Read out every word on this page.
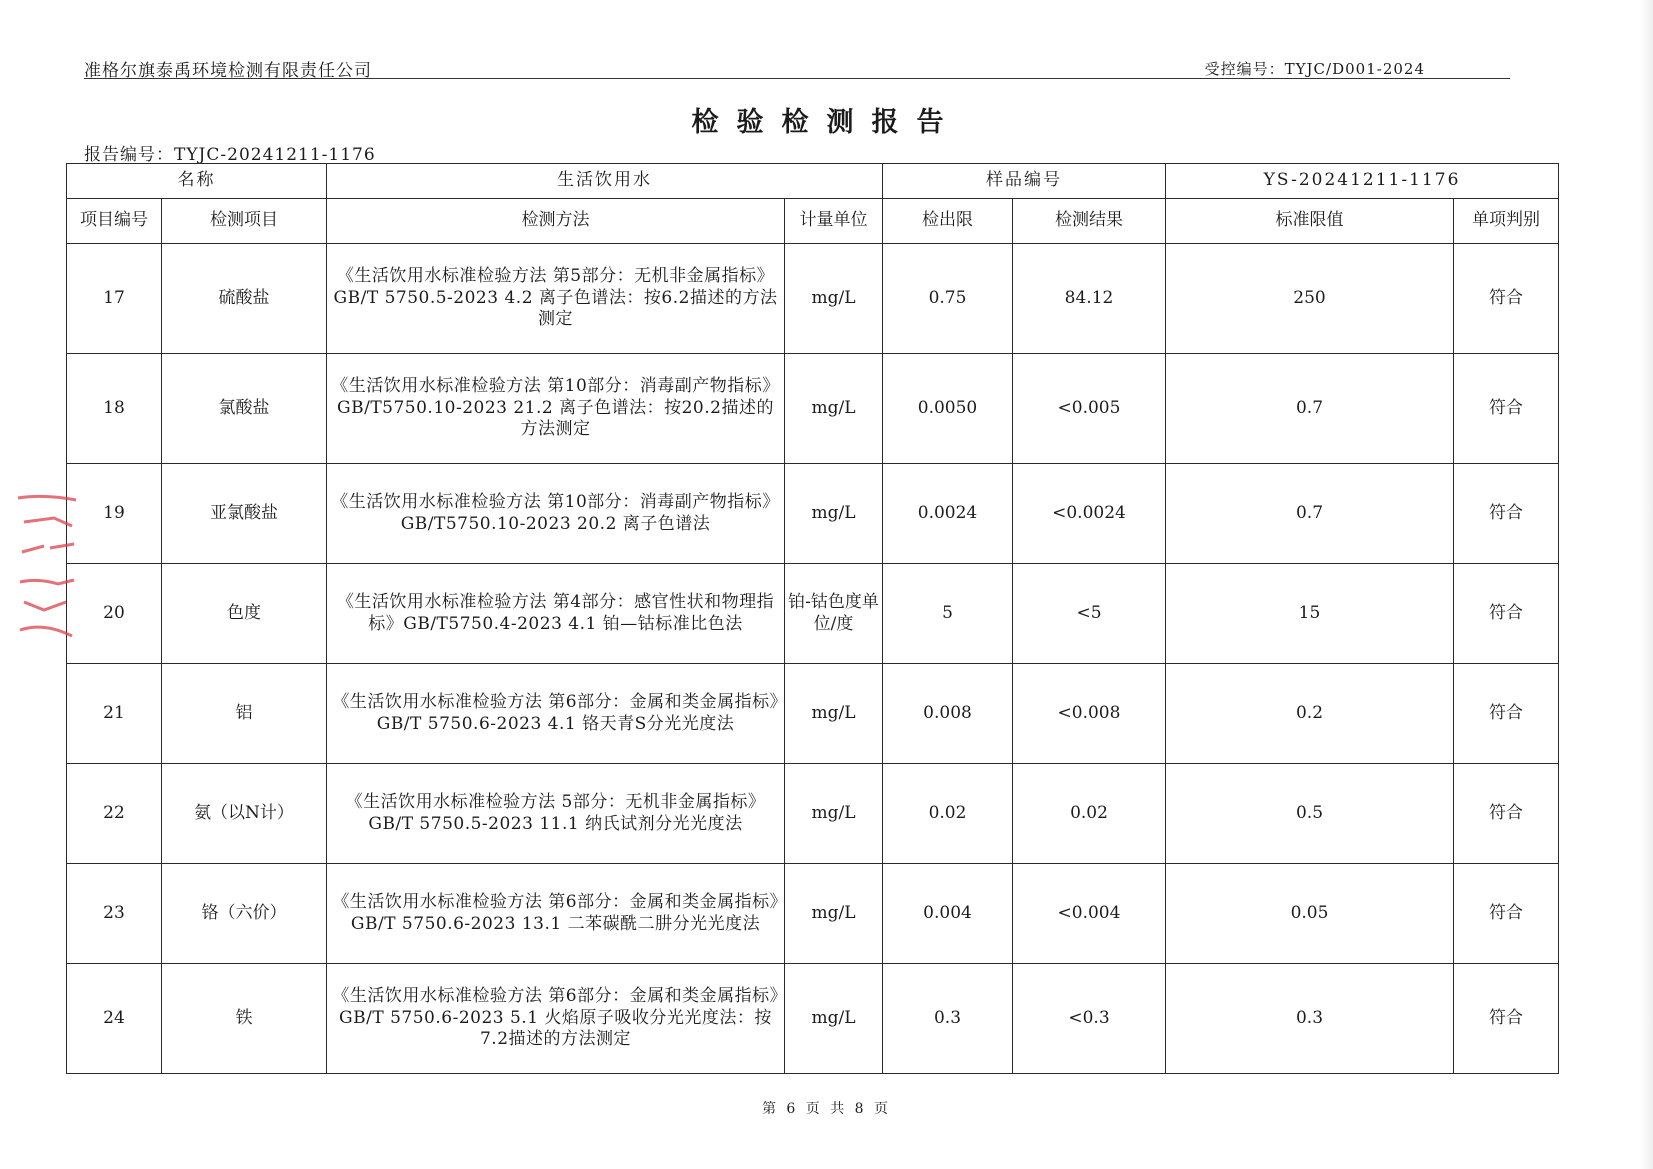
准格尔旗泰禹环境检测有限责任公司	受控编号：TYJC/D001-2024
检验检测报告
报告编号：TYJC-20241211-1176
名称		生活饮用水		样品编号		YS-20241211-1176	
项目编号	检测项目	检测方法	计量单位	检出限	检测结果	标准限值	单项判别
17	硫酸盐	《生活饮用水标准检验方法 第5部分：无机非金属指标》GB/T 5750.5-2023 4.2 离子色谱法：按6.2描述的方法测定	mg/L	0.75	84.12	250	符合
18	氯酸盐	《生活饮用水标准检验方法 第10部分：消毒副产物指标》GB/T5750.10-2023 21.2 离子色谱法：按20.2描述的方法测定	mg/L	0.0050	<0.005	0.7	符合
19	亚氯酸盐	《生活饮用水标准检验方法 第10部分：消毒副产物指标》GB/T5750.10-2023 20.2 离子色谱法	mg/L	0.0024	<0.0024	0.7	符合
20	色度	《生活饮用水标准检验方法 第4部分：感官性状和物理指标》GB/T5750.4-2023 4.1 铂—钴标准比色法	铂-钴色度单位/度	5	<5	15	符合
21	铝	《生活饮用水标准检验方法 第6部分：金属和类金属指标》GB/T 5750.6-2023 4.1 铬天青S分光光度法	mg/L	0.008	<0.008	0.2	符合
22	氨（以N计）	《生活饮用水标准检验方法 5部分：无机非金属指标》GB/T 5750.5-2023 11.1 纳氏试剂分光光度法	mg/L	0.02	0.02	0.5	符合
23	铬（六价）	《生活饮用水标准检验方法 第6部分：金属和类金属指标》GB/T 5750.6-2023 13.1 二苯碳酰二肼分光光度法	mg/L	0.004	<0.004	0.05	符合
24	铁	《生活饮用水标准检验方法 第6部分：金属和类金属指标》GB/T 5750.6-2023 5.1 火焰原子吸收分光光度法：按7.2描述的方法测定	mg/L	0.3	<0.3	0.3	符合
第 6 页 共 8 页
